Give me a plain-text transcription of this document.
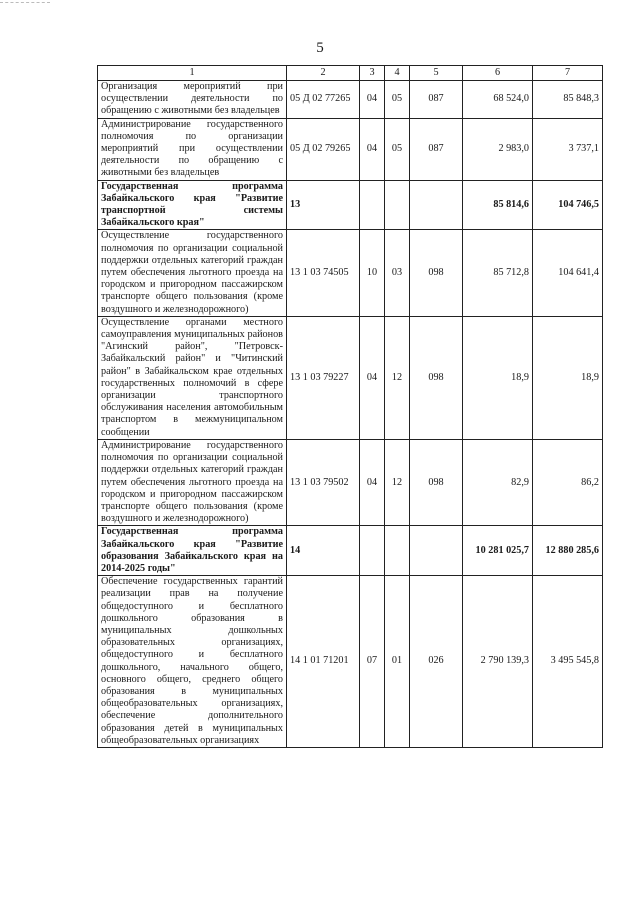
5
1	2	3	4	5	6	7
Организация мероприятий при осуществлении деятельности по обращению с животными без владельцев	05 Д 02 77265	04	05	087	68 524,0	85 848,3
Администрирование государственного полномочия по организации мероприятий при осуществлении деятельности по обращению с животными без владельцев	05 Д 02 79265	04	05	087	2 983,0	3 737,1
Государственная программа Забайкальского края "Развитие транспортной системы Забайкальского края"	13				85 814,6	104 746,5
Осуществление государственного полномочия по организации социальной поддержки отдельных категорий граждан путем обеспечения льготного проезда на городском и пригородном пассажирском транспорте общего пользования (кроме воздушного и железнодорожного)	13 1 03 74505	10	03	098	85 712,8	104 641,4
Осуществление органами местного самоуправления муниципальных районов "Агинский район", "Петровск-Забайкальский район" и "Читинский район" в Забайкальском крае отдельных государственных полномочий в сфере организации транспортного обслуживания населения автомобильным транспортом в межмуниципальном сообщении	13 1 03 79227	04	12	098	18,9	18,9
Администрирование государственного полномочия по организации социальной поддержки отдельных категорий граждан путем обеспечения льготного проезда на городском и пригородном пассажирском транспорте общего пользования (кроме воздушного и железнодорожного)	13 1 03 79502	04	12	098	82,9	86,2
Государственная программа Забайкальского края "Развитие образования Забайкальского края на 2014-2025 годы"	14				10 281 025,7	12 880 285,6
Обеспечение государственных гарантий реализации прав на получение общедоступного и бесплатного дошкольного образования в муниципальных дошкольных образовательных организациях, общедоступного и бесплатного дошкольного, начального общего, основного общего, среднего общего образования в муниципальных общеобразовательных организациях, обеспечение дополнительного образования детей в муниципальных общеобразовательных организациях	14 1 01 71201	07	01	026	2 790 139,3	3 495 545,8
